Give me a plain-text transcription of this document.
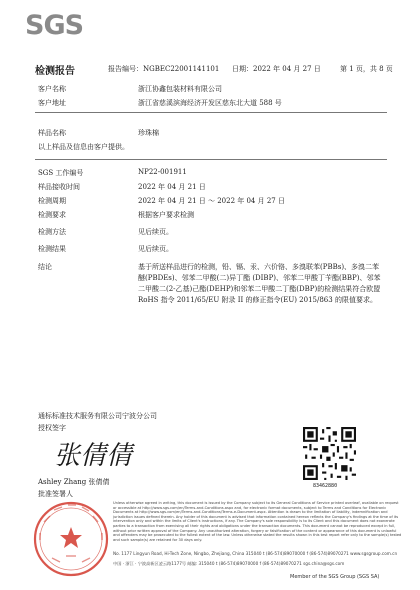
SGS
检测报告	报告编号：NGBEC22001141101 日期：2022 年 04 月 27 日	第 1 页，共 8 页
客户名称	浙江协鑫包装材料有限公司
客户地址	浙江省慈溪滨海经济开发区慈东北大道 588 号
样品名称	珍珠棉
以上样品及信息由客户提供。
SGS 工作编号	NP22-001911
样品接收时间	2022 年 04 月 21 日
检测周期	2022 年 04 月 21 日 ～ 2022 年 04 月 27 日
检测要求	根据客户要求检测
检测方法	见后续页。
检测结果	见后续页。
结论	基于所送样品进行的检测，铅、镉、汞、六价铬、多溴联苯(PBBs)、多溴二苯醚(PBDEs)、邻苯二甲酸(二)异丁酯 (DIBP)、邻苯二甲酸丁苄酯(BBP)、邻苯二甲酸二(2-乙基)己酯(DEHP)和邻苯二甲酸二丁酯(DBP)的检测结果符合欧盟 RoHS 指令 2011/65/EU 附录 II 的修正指令(EU) 2015/863 的限值要求。
通标标准技术服务有限公司宁波分公司
授权签字
张倩倩
Ashley Zhang 张倩倩
批准签署人
83462880
Unless otherwise agreed in writing, this document is issued by the Company subject to its General Conditions of Service printed overleaf, available on request or accessible at http://www.sgs.com/en/Terms-and-Conditions.aspx and, for electronic format documents, subject to Terms and Conditions for Electronic Documents at http://www.sgs.com/en/Terms-and-Conditions/Terms-e-Document.aspx. Attention is drawn to the limitation of liability, indemnification and jurisdiction issues defined therein. Any holder of this document is advised that information contained hereon reflects the Company's findings at the time of its intervention only and within the limits of Client's instructions, if any. The Company's sole responsibility is to its Client and this document does not exonerate parties to a transaction from exercising all their rights and obligations under the transaction documents. This document cannot be reproduced except in full, without prior written approval of the Company. Any unauthorized alteration, forgery or falsification of the content or appearance of this document is unlawful and offenders may be prosecuted to the fullest extent of the law. Unless otherwise stated the results shown in this test report refer only to the sample(s) tested and such sample(s) are retained for 30 days only.
No. 1177 Lingyun Road, Hi-Tech Zone, Ningbo, Zhejiang, China 315040 t (86-574)89070000 f (86-574)89070271 www.sgsgroup.com.cn
中国 · 浙江 · 宁波高新区凌云路1177号 邮编: 315040 t (86-574)89070000 f (86-574)89070271 sgs.china@sgs.com
Member of the SGS Group (SGS SA)
